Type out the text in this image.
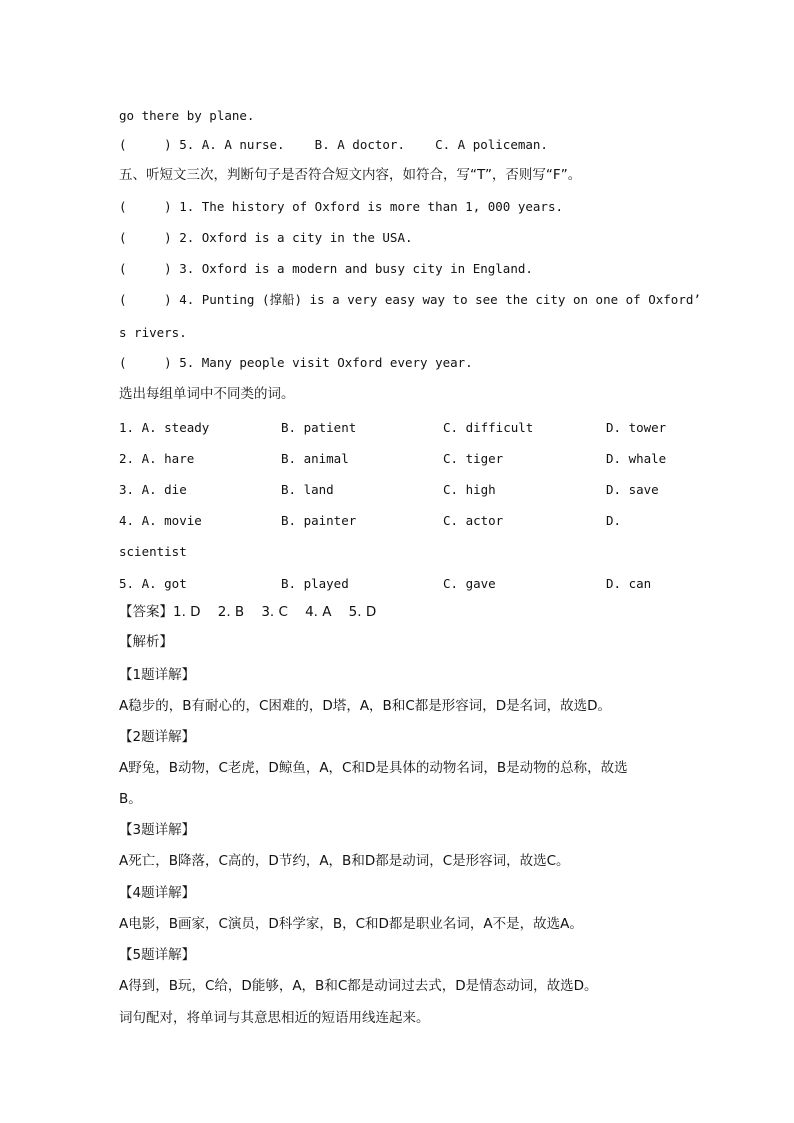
go there by plane.
(     ) 5. A. A nurse.    B. A doctor.    C. A policeman.
五、听短文三次，判断句子是否符合短文内容，如符合，写“T”，否则写“F”。
(     ) 1. The history of Oxford is more than 1, 000 years.
(     ) 2. Oxford is a city in the USA.
(     ) 3. Oxford is a modern and busy city in England.
(     ) 4. Punting (撑船) is a very easy way to see the city on one of Oxford’
s rivers.
(     ) 5. Many people visit Oxford every year.
选出每组单词中不同类的词。
1. A. steady	B. patient	C. difficult	D. tower
2. A. hare	B. animal	C. tiger	D. whale
3. A. die	B. land	C. high	D. save
4. A. movie	B. painter	C. actor	D.
scientist
5. A. got	B. played	C. gave	D. can
【答案】1. D    2. B    3. C    4. A    5. D
【解析】
【1题详解】
A稳步的，B有耐心的，C困难的，D塔，A，B和C都是形容词，D是名词，故选D。
【2题详解】
A野兔，B动物，C老虎，D鲸鱼，A，C和D是具体的动物名词，B是动物的总称，故选
B。
【3题详解】
A死亡，B降落，C高的，D节约，A，B和D都是动词，C是形容词，故选C。
【4题详解】
A电影，B画家，C演员，D科学家，B，C和D都是职业名词，A不是，故选A。
【5题详解】
A得到，B玩，C给，D能够，A，B和C都是动词过去式，D是情态动词，故选D。
词句配对，将单词与其意思相近的短语用线连起来。
